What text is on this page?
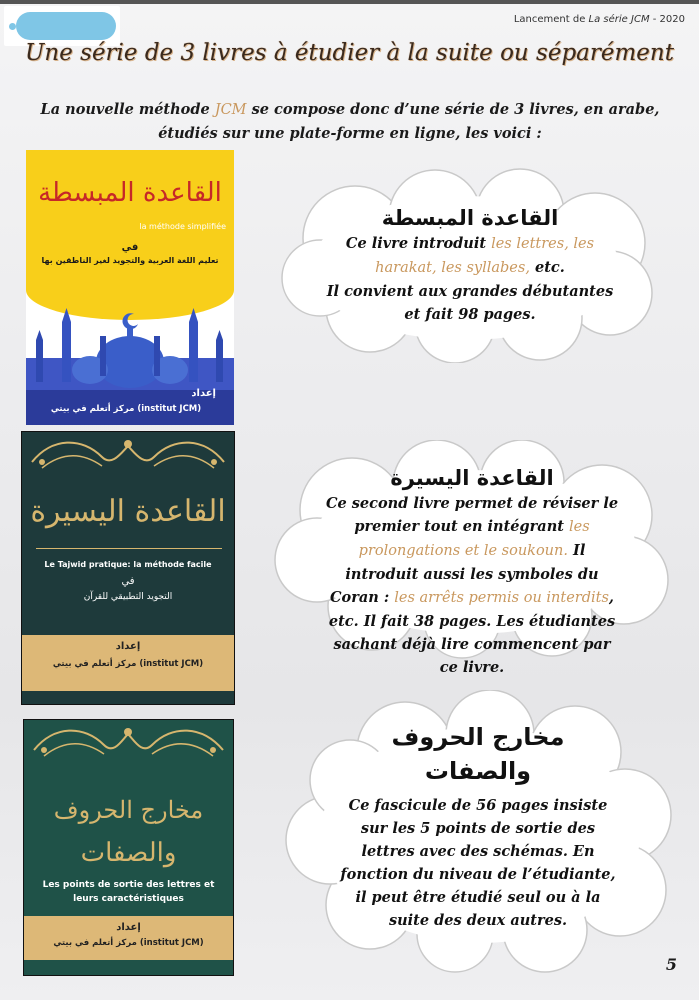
Lancement de La série JCM - 2020
Une série de 3 livres à étudier à la suite ou séparément
La nouvelle méthode JCM se compose donc d’une série de 3 livres, en arabe, étudiés sur une plate-forme en ligne, les voici :
القاعدة المبسطة
la méthode simplifiée
في
تعليم اللغة العربية والتجويد لغير الناطقين بها
إعداد
مركز أتعلم في بيتي (institut JCM)
القاعدة اليسيرة
Le Tajwid pratique: la méthode facile
في
التجويد التطبيقي للقرآن
إعداد
مركز أتعلم في بيتي (institut JCM)
مخارج الحروف
والصفات
Les points de sortie des lettres et leurs caractéristiques
إعداد
مركز أتعلم في بيتي (institut JCM)
القاعدة المبسطة
Ce livre introduit les lettres, les harakat, les syllabes, etc.
Il convient aux grandes débutantes et fait 98 pages.
القاعدة اليسيرة
Ce second livre permet de réviser le premier tout en intégrant les prolongations et le soukoun. Il introduit aussi les symboles du Coran : les arrêts permis ou interdits, etc. Il fait 38 pages. Les étudiantes sachant déjà lire commencent par ce livre.
مخارج الحروف
والصفات
Ce fascicule de 56 pages insiste sur les 5 points de sortie des lettres avec des schémas. En fonction du niveau de l’étudiante, il peut être étudié seul ou à la suite des deux autres.
5
